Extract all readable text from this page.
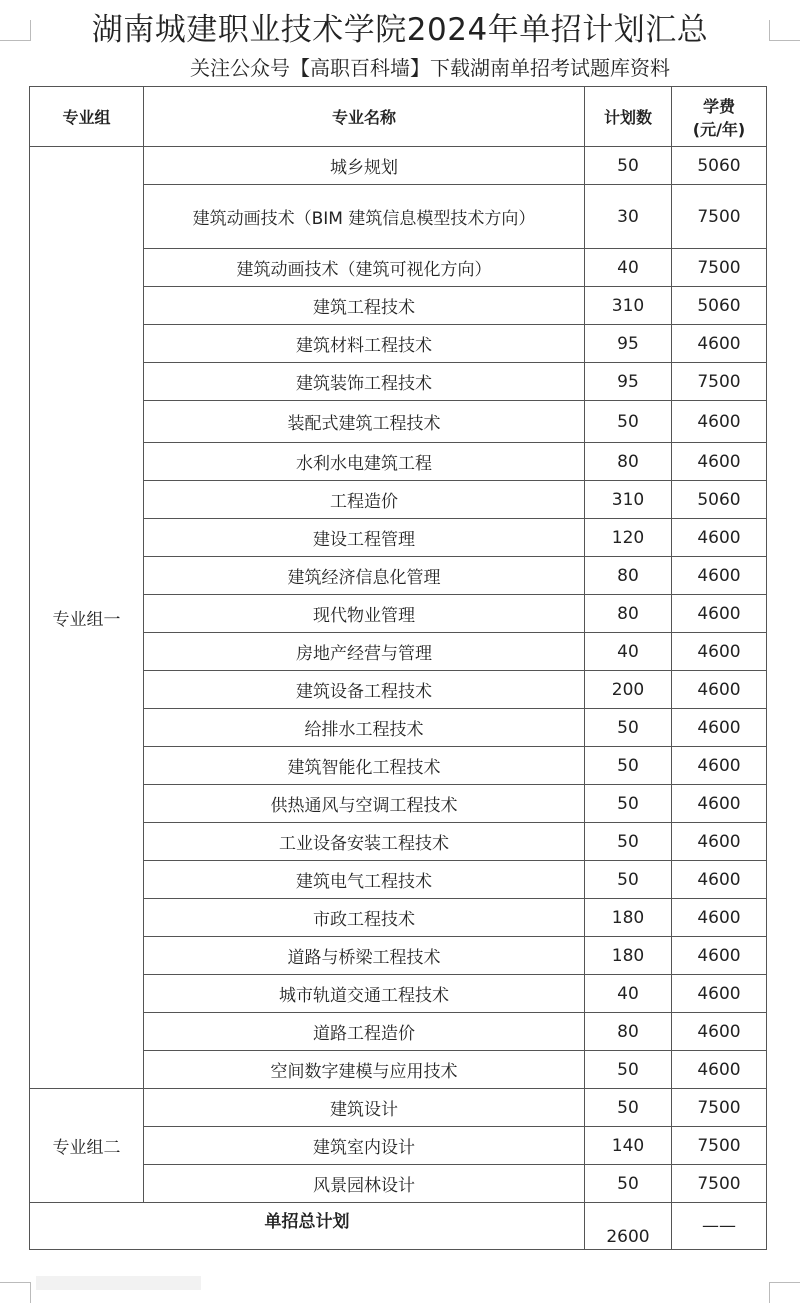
湖南城建职业技术学院2024年单招计划汇总
关注公众号【高职百科墙】下载湖南单招考试题库资料
专业组	专业名称	计划数	学费
(元/年)
专业组一	城乡规划	50	5060
	建筑动画技术（BIM 建筑信息模型技术方向）	30	7500
	建筑动画技术（建筑可视化方向）	40	7500
	建筑工程技术	310	5060
	建筑材料工程技术	95	4600
	建筑装饰工程技术	95	7500
	装配式建筑工程技术	50	4600
	水利水电建筑工程	80	4600
	工程造价	310	5060
	建设工程管理	120	4600
	建筑经济信息化管理	80	4600
	现代物业管理	80	4600
	房地产经营与管理	40	4600
	建筑设备工程技术	200	4600
	给排水工程技术	50	4600
	建筑智能化工程技术	50	4600
	供热通风与空调工程技术	50	4600
	工业设备安装工程技术	50	4600
	建筑电气工程技术	50	4600
	市政工程技术	180	4600
	道路与桥梁工程技术	180	4600
	城市轨道交通工程技术	40	4600
	道路工程造价	80	4600
	空间数字建模与应用技术	50	4600
专业组二	建筑设计	50	7500
	建筑室内设计	140	7500
	风景园林设计	50	7500
单招总计划		2600	——
